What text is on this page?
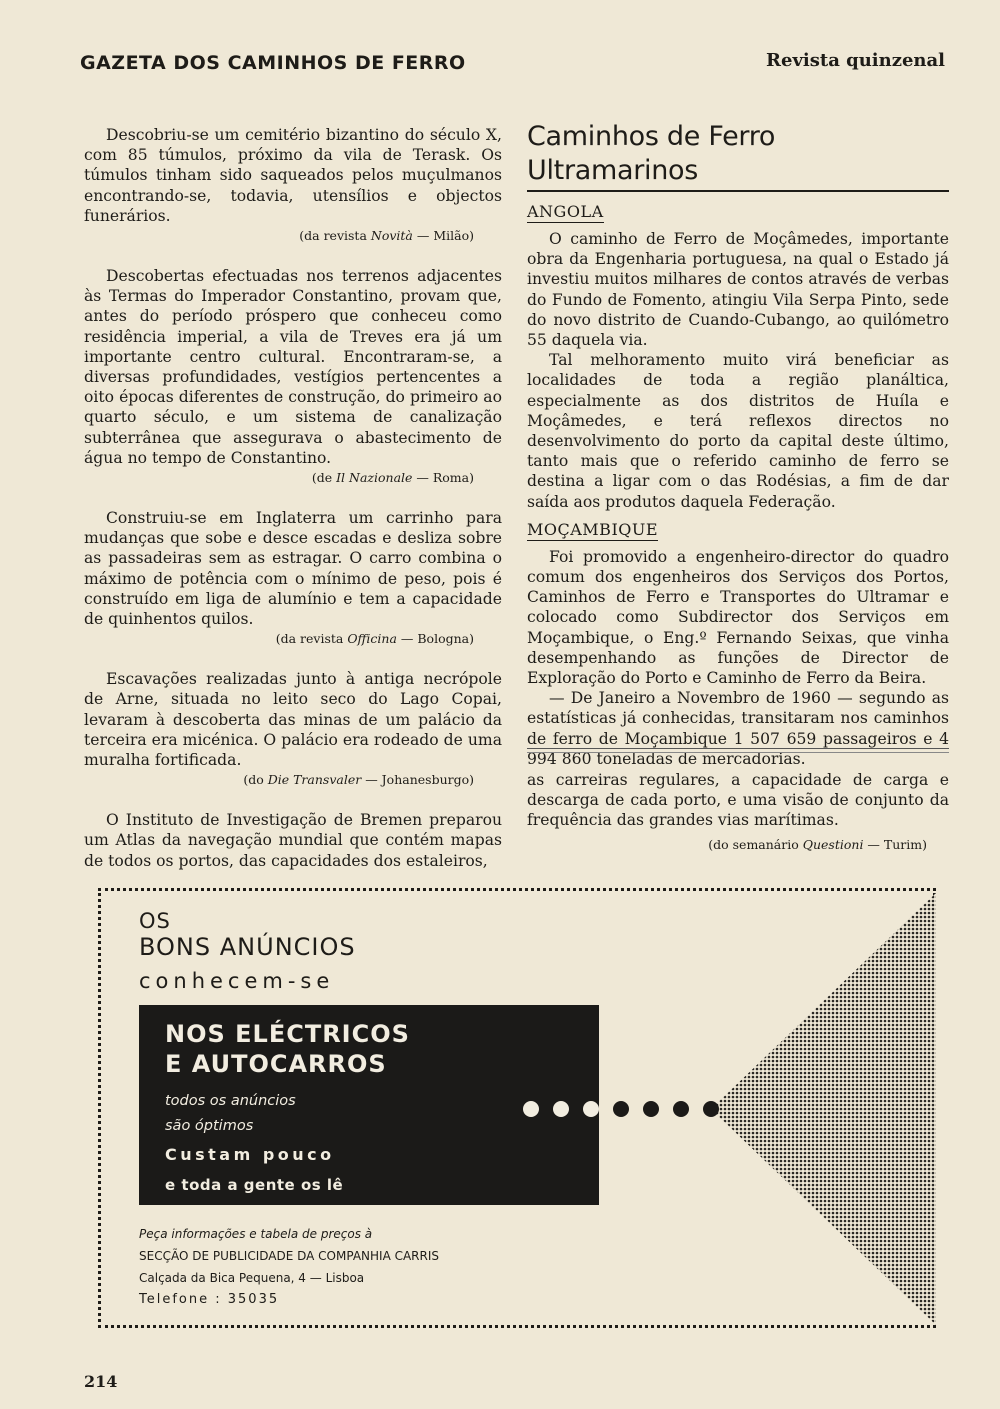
GAZETA DOS CAMINHOS DE FERRO	Revista quinzenal

Descobriu-se um cemitério bizantino do século X, com 85 túmulos, próximo da vila de Terask. Os túmulos tinham sido saqueados pelos muçulmanos encontrando-se, todavia, utensílios e objectos funerários.

(da revista Novità — Milão)

Descobertas efectuadas nos terrenos adjacentes às Termas do Imperador Constantino, provam que, antes do período próspero que conheceu como residência imperial, a vila de Treves era já um importante centro cultural. Encontraram-se, a diversas profundidades, vestígios pertencentes a oito épocas diferentes de construção, do primeiro ao quarto século, e um sistema de canalização subterrânea que assegurava o abastecimento de água no tempo de Constantino.

(de Il Nazionale — Roma)

Construiu-se em Inglaterra um carrinho para mudanças que sobe e desce escadas e desliza sobre as passadeiras sem as estragar. O carro combina o máximo de potência com o mínimo de peso, pois é construído em liga de alumínio e tem a capacidade de quinhentos quilos.

(da revista Officina — Bologna)

Escavações realizadas junto à antiga necrópole de Arne, situada no leito seco do Lago Copai, levaram à descoberta das minas de um palácio da terceira era micénica. O palácio era rodeado de uma muralha fortificada.

(do Die Transvaler — Johanesburgo)

O Instituto de Investigação de Bremen preparou um Atlas da navegação mundial que contém mapas de todos os portos, das capacidades dos estaleiros,

Caminhos de Ferro Ultramarinos
ANGOLA

O caminho de Ferro de Moçâmedes, importante obra da Engenharia portuguesa, na qual o Estado já investiu muitos milhares de contos através de verbas do Fundo de Fomento, atingiu Vila Serpa Pinto, sede do novo distrito de Cuando-Cubango, ao quilómetro 55 daquela via.

Tal melhoramento muito virá beneficiar as localidades de toda a região planáltica, especialmente as dos distritos de Huíla e Moçâmedes, e terá reflexos directos no desenvolvimento do porto da capital deste último, tanto mais que o referido caminho de ferro se destina a ligar com o das Rodésias, a fim de dar saída aos produtos daquela Federação.

MOÇAMBIQUE

Foi promovido a engenheiro-director do quadro comum dos engenheiros dos Serviços dos Portos, Caminhos de Ferro e Transportes do Ultramar e colocado como Subdirector dos Serviços em Moçambique, o Eng.º Fernando Seixas, que vinha desempenhando as funções de Director de Exploração do Porto e Caminho de Ferro da Beira.

— De Janeiro a Novembro de 1960 — segundo as estatísticas já conhecidas, transitaram nos caminhos de ferro de Moçambique 1 507 659 passageiros e 4 994 860 toneladas de mercadorias.

as carreiras regulares, a capacidade de carga e descarga de cada porto, e uma visão de conjunto da frequência das grandes vias marítimas.

(do semanário Questioni — Turim)
OS
BONS ANÚNCIOS
conhecem-se
NOS ELÉCTRICOS
E AUTOCARROS
todos os anúncios
são óptimos
Custam pouco
e toda a gente os lê
Peça informações e tabela de preços à
SECÇÃO DE PUBLICIDADE DA COMPANHIA CARRIS
Calçada da Bica Pequena, 4 — Lisboa
Telefone : 35035
214
